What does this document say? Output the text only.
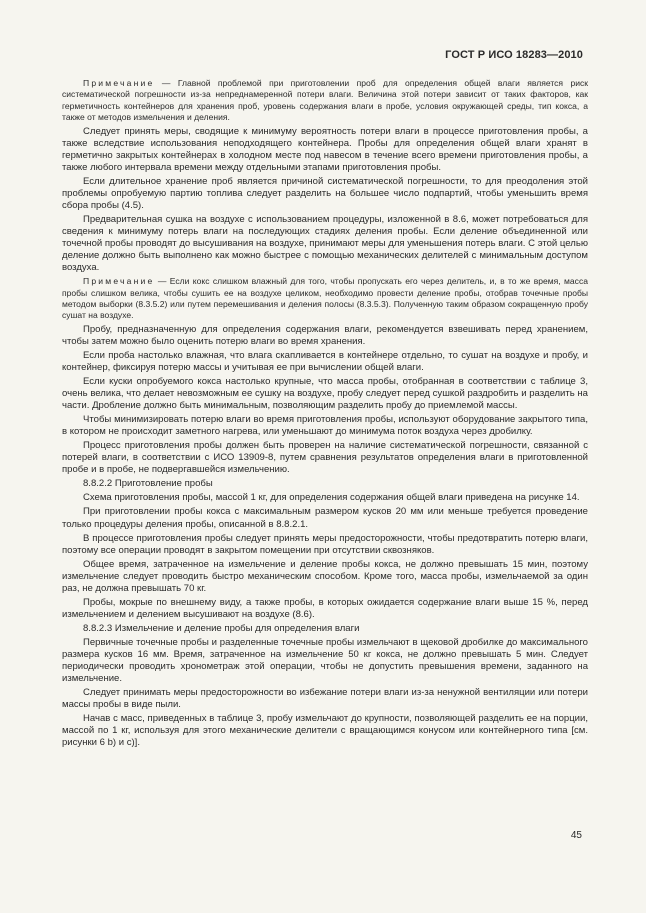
ГОСТ Р ИСО 18283—2010

Примечание — Главной проблемой при приготовлении проб для определения общей влаги является риск систематической погрешности из-за непреднамеренной потери влаги. Величина этой потери зависит от таких факторов, как герметичность контейнеров для хранения проб, уровень содержания влаги в пробе, условия окружающей среды, тип кокса, а также от методов измельчения и деления.

Следует принять меры, сводящие к минимуму вероятность потери влаги в процессе приготовления пробы, а также вследствие использования неподходящего контейнера. Пробы для определения общей влаги хранят в герметично закрытых контейнерах в холодном месте под навесом в течение всего времени приготовления пробы, а также любого интервала времени между отдельными этапами приготовления пробы.

Если длительное хранение проб является причиной систематической погрешности, то для преодоления этой проблемы опробуемую партию топлива следует разделить на большее число подпартий, чтобы уменьшить время сбора пробы (4.5).

Предварительная сушка на воздухе с использованием процедуры, изложенной в 8.6, может потребоваться для сведения к минимуму потерь влаги на последующих стадиях деления пробы. Если деление объединенной или точечной пробы проводят до высушивания на воздухе, принимают меры для уменьшения потерь влаги. С этой целью деление должно быть выполнено как можно быстрее с помощью механических делителей с минимальным доступом воздуха.

Примечание — Если кокс слишком влажный для того, чтобы пропускать его через делитель, и, в то же время, масса пробы слишком велика, чтобы сушить ее на воздухе целиком, необходимо провести деление пробы, отобрав точечные пробы методом выборки (8.3.5.2) или путем перемешивания и деления полосы (8.3.5.3). Полученную таким образом сокращенную пробу сушат на воздухе.

Пробу, предназначенную для определения содержания влаги, рекомендуется взвешивать перед хранением, чтобы затем можно было оценить потерю влаги во время хранения.

Если проба настолько влажная, что влага скапливается в контейнере отдельно, то сушат на воздухе и пробу, и контейнер, фиксируя потерю массы и учитывая ее при вычислении общей влаги.

Если куски опробуемого кокса настолько крупные, что масса пробы, отобранная в соответствии с таблице 3, очень велика, что делает невозможным ее сушку на воздухе, пробу следует перед сушкой раздробить и разделить на части. Дробление должно быть минимальным, позволяющим разделить пробу до приемлемой массы.

Чтобы минимизировать потерю влаги во время приготовления пробы, используют оборудование закрытого типа, в котором не происходит заметного нагрева, или уменьшают до минимума поток воздуха через дробилку.

Процесс приготовления пробы должен быть проверен на наличие систематической погрешности, связанной с потерей влаги, в соответствии с ИСО 13909-8, путем сравнения результатов определения влаги в приготовленной пробе и в пробе, не подвергавшейся измельчению.

8.8.2.2 Приготовление пробы

Схема приготовления пробы, массой 1 кг, для определения содержания общей влаги приведена на рисунке 14.

При приготовлении пробы кокса с максимальным размером кусков 20 мм или меньше требуется проведение только процедуры деления пробы, описанной в 8.8.2.1.

В процессе приготовления пробы следует принять меры предосторожности, чтобы предотвратить потерю влаги, поэтому все операции проводят в закрытом помещении при отсутствии сквозняков.

Общее время, затраченное на измельчение и деление пробы кокса, не должно превышать 15 мин, поэтому измельчение следует проводить быстро механическим способом. Кроме того, масса пробы, измельчаемой за один раз, не должна превышать 70 кг.

Пробы, мокрые по внешнему виду, а также пробы, в которых ожидается содержание влаги выше 15 %, перед измельчением и делением высушивают на воздухе (8.6).

8.8.2.3 Измельчение и деление пробы для определения влаги

Первичные точечные пробы и разделенные точечные пробы измельчают в щековой дробилке до максимального размера кусков 16 мм. Время, затраченное на измельчение 50 кг кокса, не должно превышать 5 мин. Следует периодически проводить хронометраж этой операции, чтобы не допустить превышения времени, заданного на измельчение.

Следует принимать меры предосторожности во избежание потери влаги из-за ненужной вентиляции или потери массы пробы в виде пыли.

Начав с масс, приведенных в таблице 3, пробу измельчают до крупности, позволяющей разделить ее на порции, массой по 1 кг, используя для этого механические делители с вращающимся конусом или контейнерного типа [см. рисунки 6 b) и c)].

45
